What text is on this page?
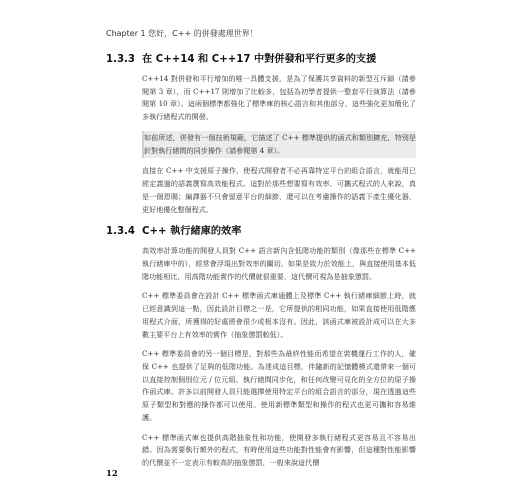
Chapter 1 您好，C++ 的併發處理世界！
1.3.3 在 C++14 和 C++17 中對併發和平行更多的支援

C++14 對併發和平行增加的唯一具體支援，是為了保護共享資料的新型互斥鎖（請參閱第 3 章），而 C++17 則增加了比較多，包括為初學者提供一整套平行演算法（請參閱第 10 章）。這兩個標準都強化了標準庫的核心語言和其他部分，這些強化更加簡化了多執行緒程式的開發。

如前所述，併發有一個技術規範，它描述了 C++ 標準提供的函式和類別擴充，特別是針對執行緒間的同步操作（請參閱第 4 章）。

直接在 C++ 中支援原子操作，使程式開發者不必再靠特定平台的組合語言，就能用已經定義過的語義撰寫高效能程式。這對於那些想要寫有效率、可攜式程式的人來說，真是一個恩賜；編譯器不只會留意平台的細節，還可以在考慮操作的語義下產生優化器，更好地優化整個程式。

1.3.4 C++ 執行緒庫的效率

高效率計算功能的開發人員對 C++ 語言新內含低階功能的類別（像那些在標準 C++ 執行緒庫中的），經常會浮現出對效率的關切。如果是致力於效能上，與直接使用基本低階功能相比，用高階功能實作的代價就很重要，這代價可視為是抽象懲罰。

C++ 標準委員會在設計 C++ 標準函式庫通體上及標準 C++ 執行緒庫細節上時，就已經意識到這一點，因此設計目標之一是，它所提供的相同功能，如果直接使用低階應用程式介面，所獲得的好處將會很少或根本沒有。因此，該函式庫被設計成可以在大多數主要平台上有效率的實作（抽象懲罰較低）。

C++ 標準委員會的另一個目標是，對那些為最終性能而希望在裝機運行工作的人，確保 C++ 也提供了足夠的低階功能。為達成這目標，伴隨新的記憶體模式還帶來一個可以直接控制個別位元 / 位元組、執行緒間同步化，和任何改變可見化的全方位的原子操作函式庫。許多以前開發人員只能選擇使用特定平台的組合語言的部分，現在透過這些原子類型和對應的操作都可以使用。使用新標準類型和操作的程式也更可攜和容易維護。

C++ 標準函式庫也提供高階抽象性和功能，使開發多執行緒程式更容易且不容易出錯。因為需要執行額外的程式，有時使用這些功能對性能會有影響，但這種對性能影響的代價並不一定表示有較高的抽象懲罰，一般來說這代價

12
